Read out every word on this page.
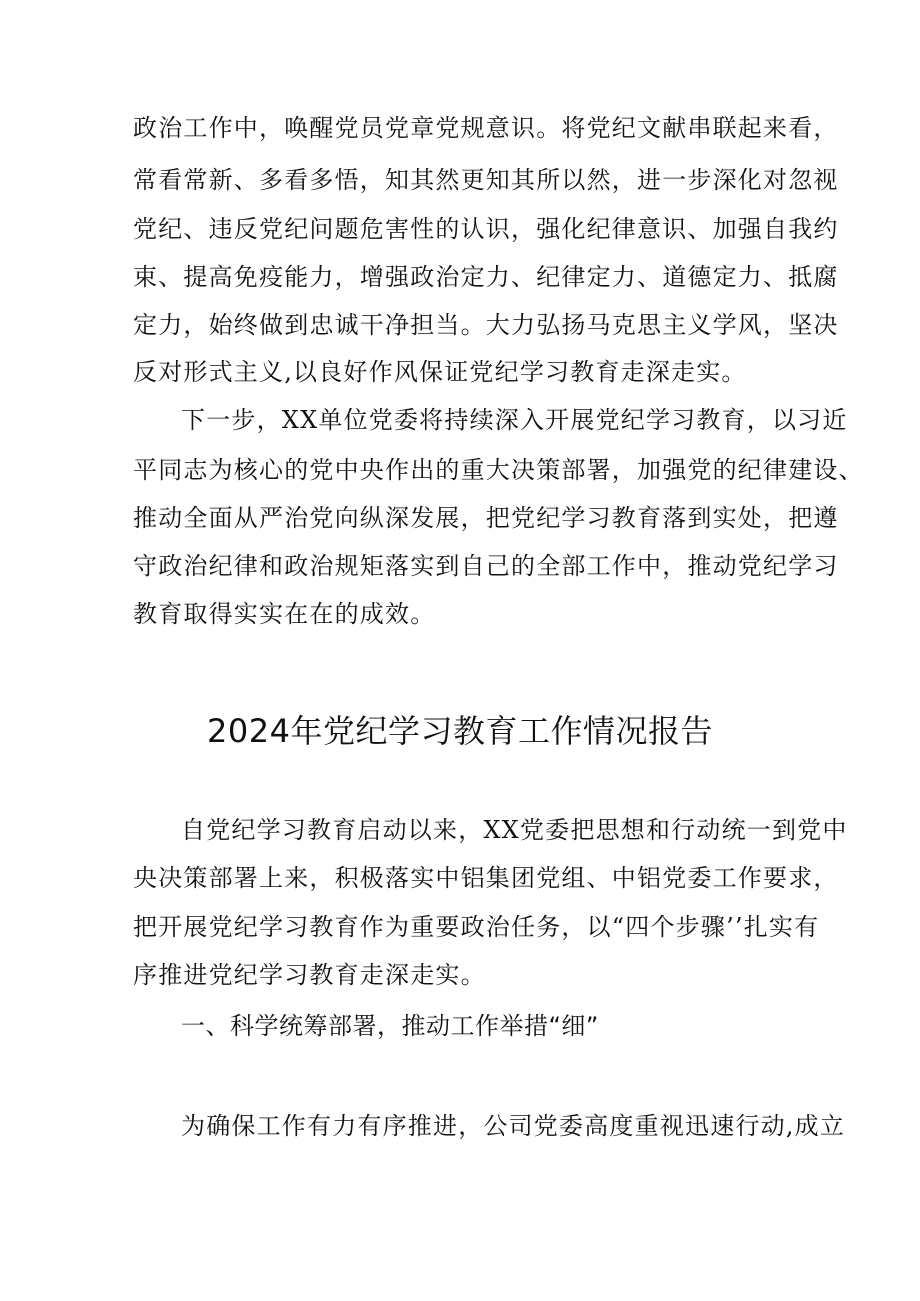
政治工作中，唤醒党员党章党规意识。将党纪文献串联起来看，
常看常新、多看多悟，知其然更知其所以然，进一步深化对忽视
党纪、违反党纪问题危害性的认识，强化纪律意识、加强自我约
束、提高免疫能力，增强政治定力、纪律定力、道德定力、抵腐
定力，始终做到忠诚干净担当。大力弘扬马克思主义学风，坚决
反对形式主义,以良好作风保证党纪学习教育走深走实。
下一步，XX单位党委将持续深入开展党纪学习教育，以习近
平同志为核心的党中央作出的重大决策部署，加强党的纪律建设、
推动全面从严治党向纵深发展，把党纪学习教育落到实处，把遵
守政治纪律和政治规矩落实到自己的全部工作中，推动党纪学习
教育取得实实在在的成效。
2024年党纪学习教育工作情况报告
自党纪学习教育启动以来，XX党委把思想和行动统一到党中
央决策部署上来，积极落实中铝集团党组、中铝党委工作要求，
把开展党纪学习教育作为重要政治任务，以“四个步骤’’扎实有
序推进党纪学习教育走深走实。
一、科学统筹部署，推动工作举措“细”
为确保工作有力有序推进，公司党委高度重视迅速行动,成立
